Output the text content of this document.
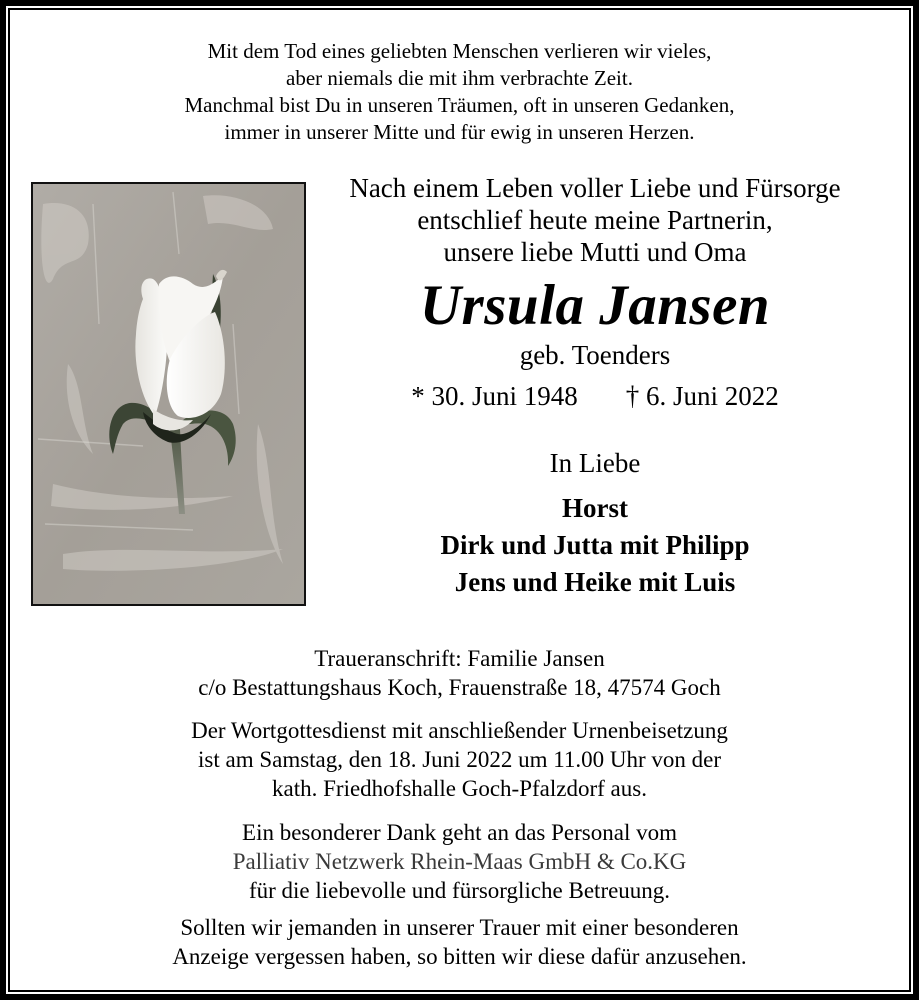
Mit dem Tod eines geliebten Menschen verlieren wir vieles,
aber niemals die mit ihm verbrachte Zeit.
Manchmal bist Du in unseren Träumen, oft in unseren Gedanken,
immer in unserer Mitte und für ewig in unseren Herzen.
Nach einem Leben voller Liebe und Fürsorge
entschlief heute meine Partnerin,
unsere liebe Mutti und Oma
Ursula Jansen
geb. Toenders
* 30. Juni 1948 † 6. Juni 2022
In Liebe
Horst
Dirk und Jutta mit Philipp
Jens und Heike mit Luis
Traueranschrift: Familie Jansen
c/o Bestattungshaus Koch, Frauenstraße 18, 47574 Goch
Der Wortgottesdienst mit anschließender Urnenbeisetzung
ist am Samstag, den 18. Juni 2022 um 11.00 Uhr von der
kath. Friedhofshalle Goch-Pfalzdorf aus.
Ein besonderer Dank geht an das Personal vom
Palliativ Netzwerk Rhein-Maas GmbH & Co.KG
für die liebevolle und fürsorgliche Betreuung.
Sollten wir jemanden in unserer Trauer mit einer besonderen
Anzeige vergessen haben, so bitten wir diese dafür anzusehen.
